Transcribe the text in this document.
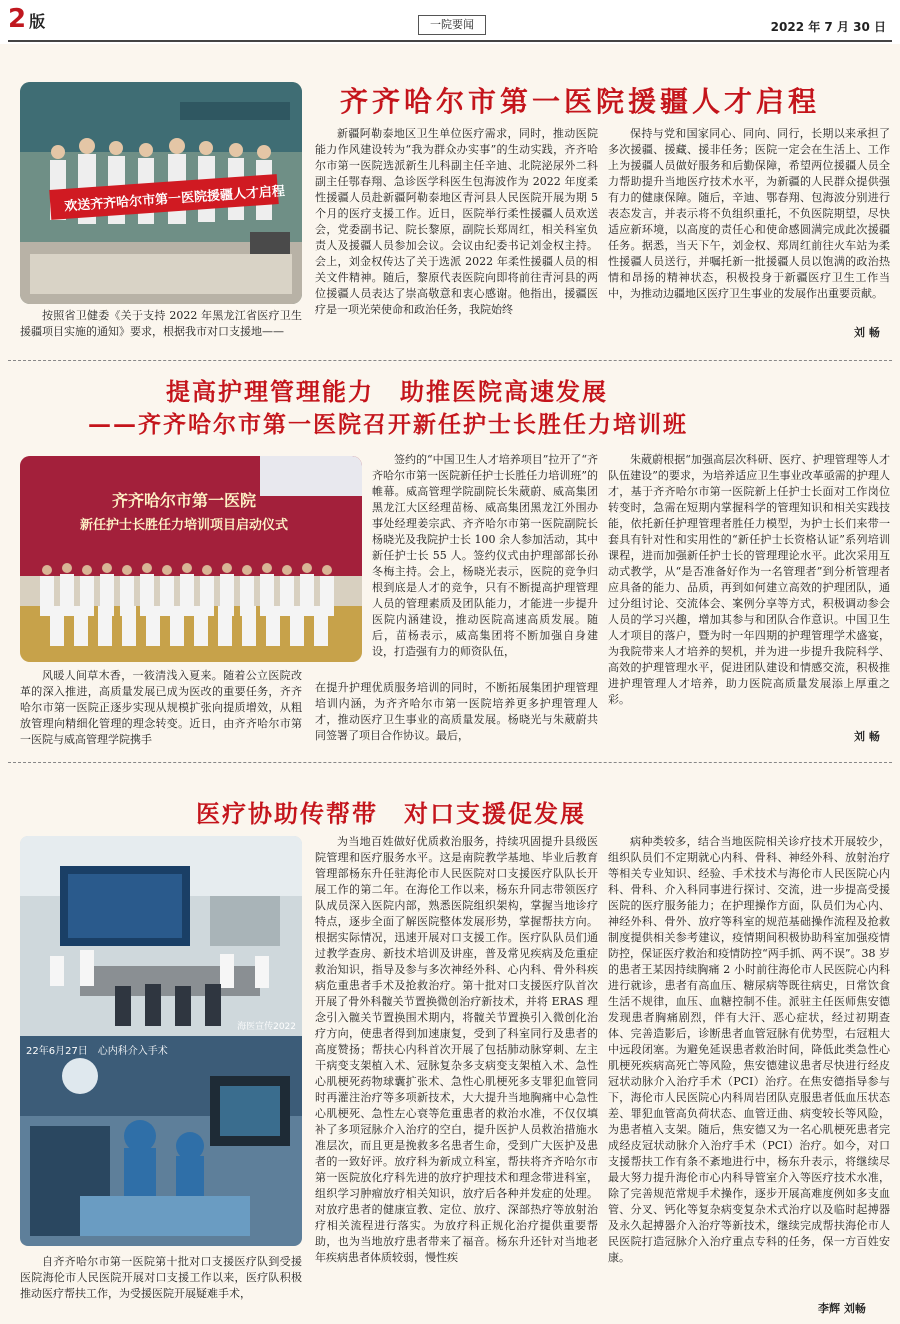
2 版	一院要闻	2022 年 7 月 30 日
齐齐哈尔市第一医院援疆人才启程
欢送齐齐哈尔市第一医院援疆人才启程

按照省卫健委《关于支持 2022 年黑龙江省医疗卫生援疆项目实施的通知》要求，根据我市对口支援地——

新疆阿勒泰地区卫生单位医疗需求，同时，推动医院能力作风建设转为“我为群众办实事”的生动实践，齐齐哈尔市第一医院选派新生儿科副主任辛迪、北院泌尿外二科副主任鄂春翔、急诊医学科医生包海波作为 2022 年度柔性援疆人员赴新疆阿勒泰地区青河县人民医院开展为期 5 个月的医疗支援工作。近日，医院举行柔性援疆人员欢送会，党委副书记、院长黎原，副院长郑周红，相关科室负责人及援疆人员参加会议。会议由纪委书记刘金权主持。会上，刘金权传达了关于选派 2022 年柔性援疆人员的相关文件精神。随后，黎原代表医院向即将前往青河县的两位援疆人员表达了崇高敬意和衷心感谢。他指出，援疆医疗是一项光荣使命和政治任务，我院始终

保持与党和国家同心、同向、同行，长期以来承担了多次援疆、援藏、援非任务；医院一定会在生活上、工作上为援疆人员做好服务和后勤保障，希望两位援疆人员全力帮助提升当地医疗技术水平，为新疆的人民群众提供强有力的健康保障。随后，辛迪、鄂春翔、包海波分别进行表态发言，并表示将不负组织重托，不负医院期望，尽快适应新环境，以高度的责任心和使命感圆满完成此次援疆任务。据悉，当天下午，刘金权、郑周红前往火车站为柔性援疆人员送行，并嘱托新一批援疆人员以饱满的政治热情和昂扬的精神状态，积极投身于新疆医疗卫生工作当中，为推动边疆地区医疗卫生事业的发展作出重要贡献。

刘 畅
提高护理管理能力　助推医院高速发展
——齐齐哈尔市第一医院召开新任护士长胜任力培训班
齐齐哈尔市第一医院
新任护士长胜任力培训项目启动仪式

风暖人间草木香，一筱清浅入夏来。随着公立医院改革的深入推进，高质量发展已成为医改的重要任务，齐齐哈尔市第一医院正逐步实现从规模扩张向提质增效，从粗放管理向精细化管理的理念转变。近日，由齐齐哈尔市第一医院与威高管理学院携手

签约的“中国卫生人才培养项目”拉开了“齐齐哈尔市第一医院新任护士长胜任力培训班”的帷幕。威高管理学院副院长朱葳蔚、威高集团黑龙江大区经理苗杨、威高集团黑龙江外围办事处经理姜宗武、齐齐哈尔市第一医院副院长杨晓光及我院护士长 100 余人参加活动，其中新任护士长 55 人。签约仪式由护理部部长孙冬梅主持。会上，杨晓光表示，医院的竞争归根到底是人才的竞争，只有不断提高护理管理人员的管理素质及团队能力，才能进一步提升医院内涵建设，推动医院高速高质发展。随后，苗杨表示，威高集团将不断加强自身建设，打造强有力的师资队伍，

在提升护理优质服务培训的同时，不断拓展集团护理管理培训内涵，为齐齐哈尔市第一医院培养更多护理管理人才，推动医疗卫生事业的高质量发展。杨晓光与朱葳蔚共同签署了项目合作协议。最后，

朱葳蔚根据“加强高层次科研、医疗、护理管理等人才队伍建设”的要求，为培养适应卫生事业改革亟需的护理人才，基于齐齐哈尔市第一医院新上任护士长面对工作岗位转变时，急需在短期内掌握科学的管理知识和相关实践技能，依托新任护理管理者胜任力模型，为护士长们来带一套具有针对性和实用性的“新任护士长资格认证”系列培训课程，进而加强新任护士长的管理理论水平。此次采用互动式教学，从“是否准备好作为一名管理者”到分析管理者应具备的能力、品质，再到如何建立高效的护理团队，通过分组讨论、交流体会、案例分享等方式，积极调动参会人员的学习兴趣，增加其参与和团队合作意识。中国卫生人才项目的落户，暨为时一年四期的护理管理学术盛宴，为我院带来人才培养的契机，并为进一步提升我院科学、高效的护理管理水平，促进团队建设和情感交流，积极推进护理管理人才培养，助力医院高质量发展添上厚重之彩。

刘 畅
医疗协助传帮带　对口支援促发展
海医宣传2022
22年6月27日　心内科介入手术

自齐齐哈尔市第一医院第十批对口支援医疗队到受援医院海伦市人民医院开展对口支援工作以来，医疗队积极推动医疗帮扶工作，为受援医院开展疑难手术，

为当地百姓做好优质救治服务，持续巩固提升县级医院管理和医疗服务水平。这是南院教学基地、毕业后教育管理部杨东升任驻海伦市人民医院对口支援医疗队队长开展工作的第二年。在海伦工作以来，杨东升同志带领医疗队成员深入医院内部，熟悉医院组织架构，掌握当地诊疗特点，逐步全面了解医院整体发展形势，掌握帮扶方向。根据实际情况，迅速开展对口支援工作。医疗队队员们通过教学查房、新技术培训及讲座，普及常见疾病及危重症救治知识，指导及参与多次神经外科、心内科、骨外科疾病危重患者手术及抢救治疗。第十批对口支援医疗队首次开展了骨外科髋关节置换微创治疗新技术，并将 ERAS 理念引入髋关节置换围术期内，将髋关节置换引入微创化治疗方向，使患者得到加速康复，受到了科室同行及患者的高度赞扬；帮扶心内科首次开展了包括肺动脉穿刺、左主干病变支架植入术、冠脉复杂多支病变支架植入术、急性心肌梗死药物球囊扩张术、急性心肌梗死多支罪犯血管同时再灌注治疗等多项新技术，大大提升当地胸痛中心急性心肌梗死、急性左心衰等危重患者的救治水准，不仅仅填补了多项冠脉介入治疗的空白，提升医护人员救治措施水准层次，而且更是挽救多名患者生命，受到广大医护及患者的一致好评。放疗科为新成立科室，帮扶将齐齐哈尔市第一医院放化疗科先进的放疗护理技术和理念带进科室，组织学习肿瘤放疗相关知识，放疗后各种并发症的处理。对放疗患者的健康宣教、定位、放疗、深部热疗等放射治疗相关流程进行落实。为放疗科正规化治疗提供重要帮助，也为当地放疗患者带来了福音。杨东升还针对当地老年疾病患者体质较弱，慢性疾

病种类较多，结合当地医院相关诊疗技术开展较少，组织队员们不定期就心内科、骨科、神经外科、放射治疗等相关专业知识、经验、手术技术与海伦市人民医院心内科、骨科、介入科同事进行探讨、交流，进一步提高受援医院的医疗服务能力；在护理操作方面，队员们为心内、神经外科、骨外、放疗等科室的规范基础操作流程及抢救制度提供相关参考建议，疫情期间积极协助科室加强疫情防控，保证医疗救治和疫情防控“两手抓、两不误”。38 岁的患者王某因持续胸痛 2 小时前往海伦市人民医院心内科进行就诊，患者有高血压、糖尿病等既往病史，日常饮食生活不规律，血压、血糖控制不佳。派驻主任医师焦安德发现患者胸痛剧烈，伴有大汗、恶心症状，经过初期查体、完善造影后，诊断患者血管冠脉有优势型，右冠粗大中远段闭塞。为避免延误患者救治时间，降低此类急性心肌梗死疾病高死亡等风险，焦安德建议患者尽快进行经皮冠状动脉介入治疗手术（PCI）治疗。在焦安德指导参与下，海伦市人民医院心内科周岩团队克服患者低血压状态差、罪犯血管高负荷状态、血管迂曲、病变较长等风险，为患者植入支架。随后，焦安德又为一名心肌梗死患者完成经皮冠状动脉介入治疗手术（PCI）治疗。如今，对口支援帮扶工作有条不紊地进行中，杨东升表示，将继续尽最大努力提升海伦市心内科导管室介入等医疗技术水准，除了完善规范常规手术操作，逐步开展高难度例如多支血管、分叉、钙化等复杂病变复杂术式治疗以及临时起搏器及永久起搏器介入治疗等新技术，继续完成帮扶海伦市人民医院打造冠脉介入治疗重点专科的任务，保一方百姓安康。

李辉 刘畅
